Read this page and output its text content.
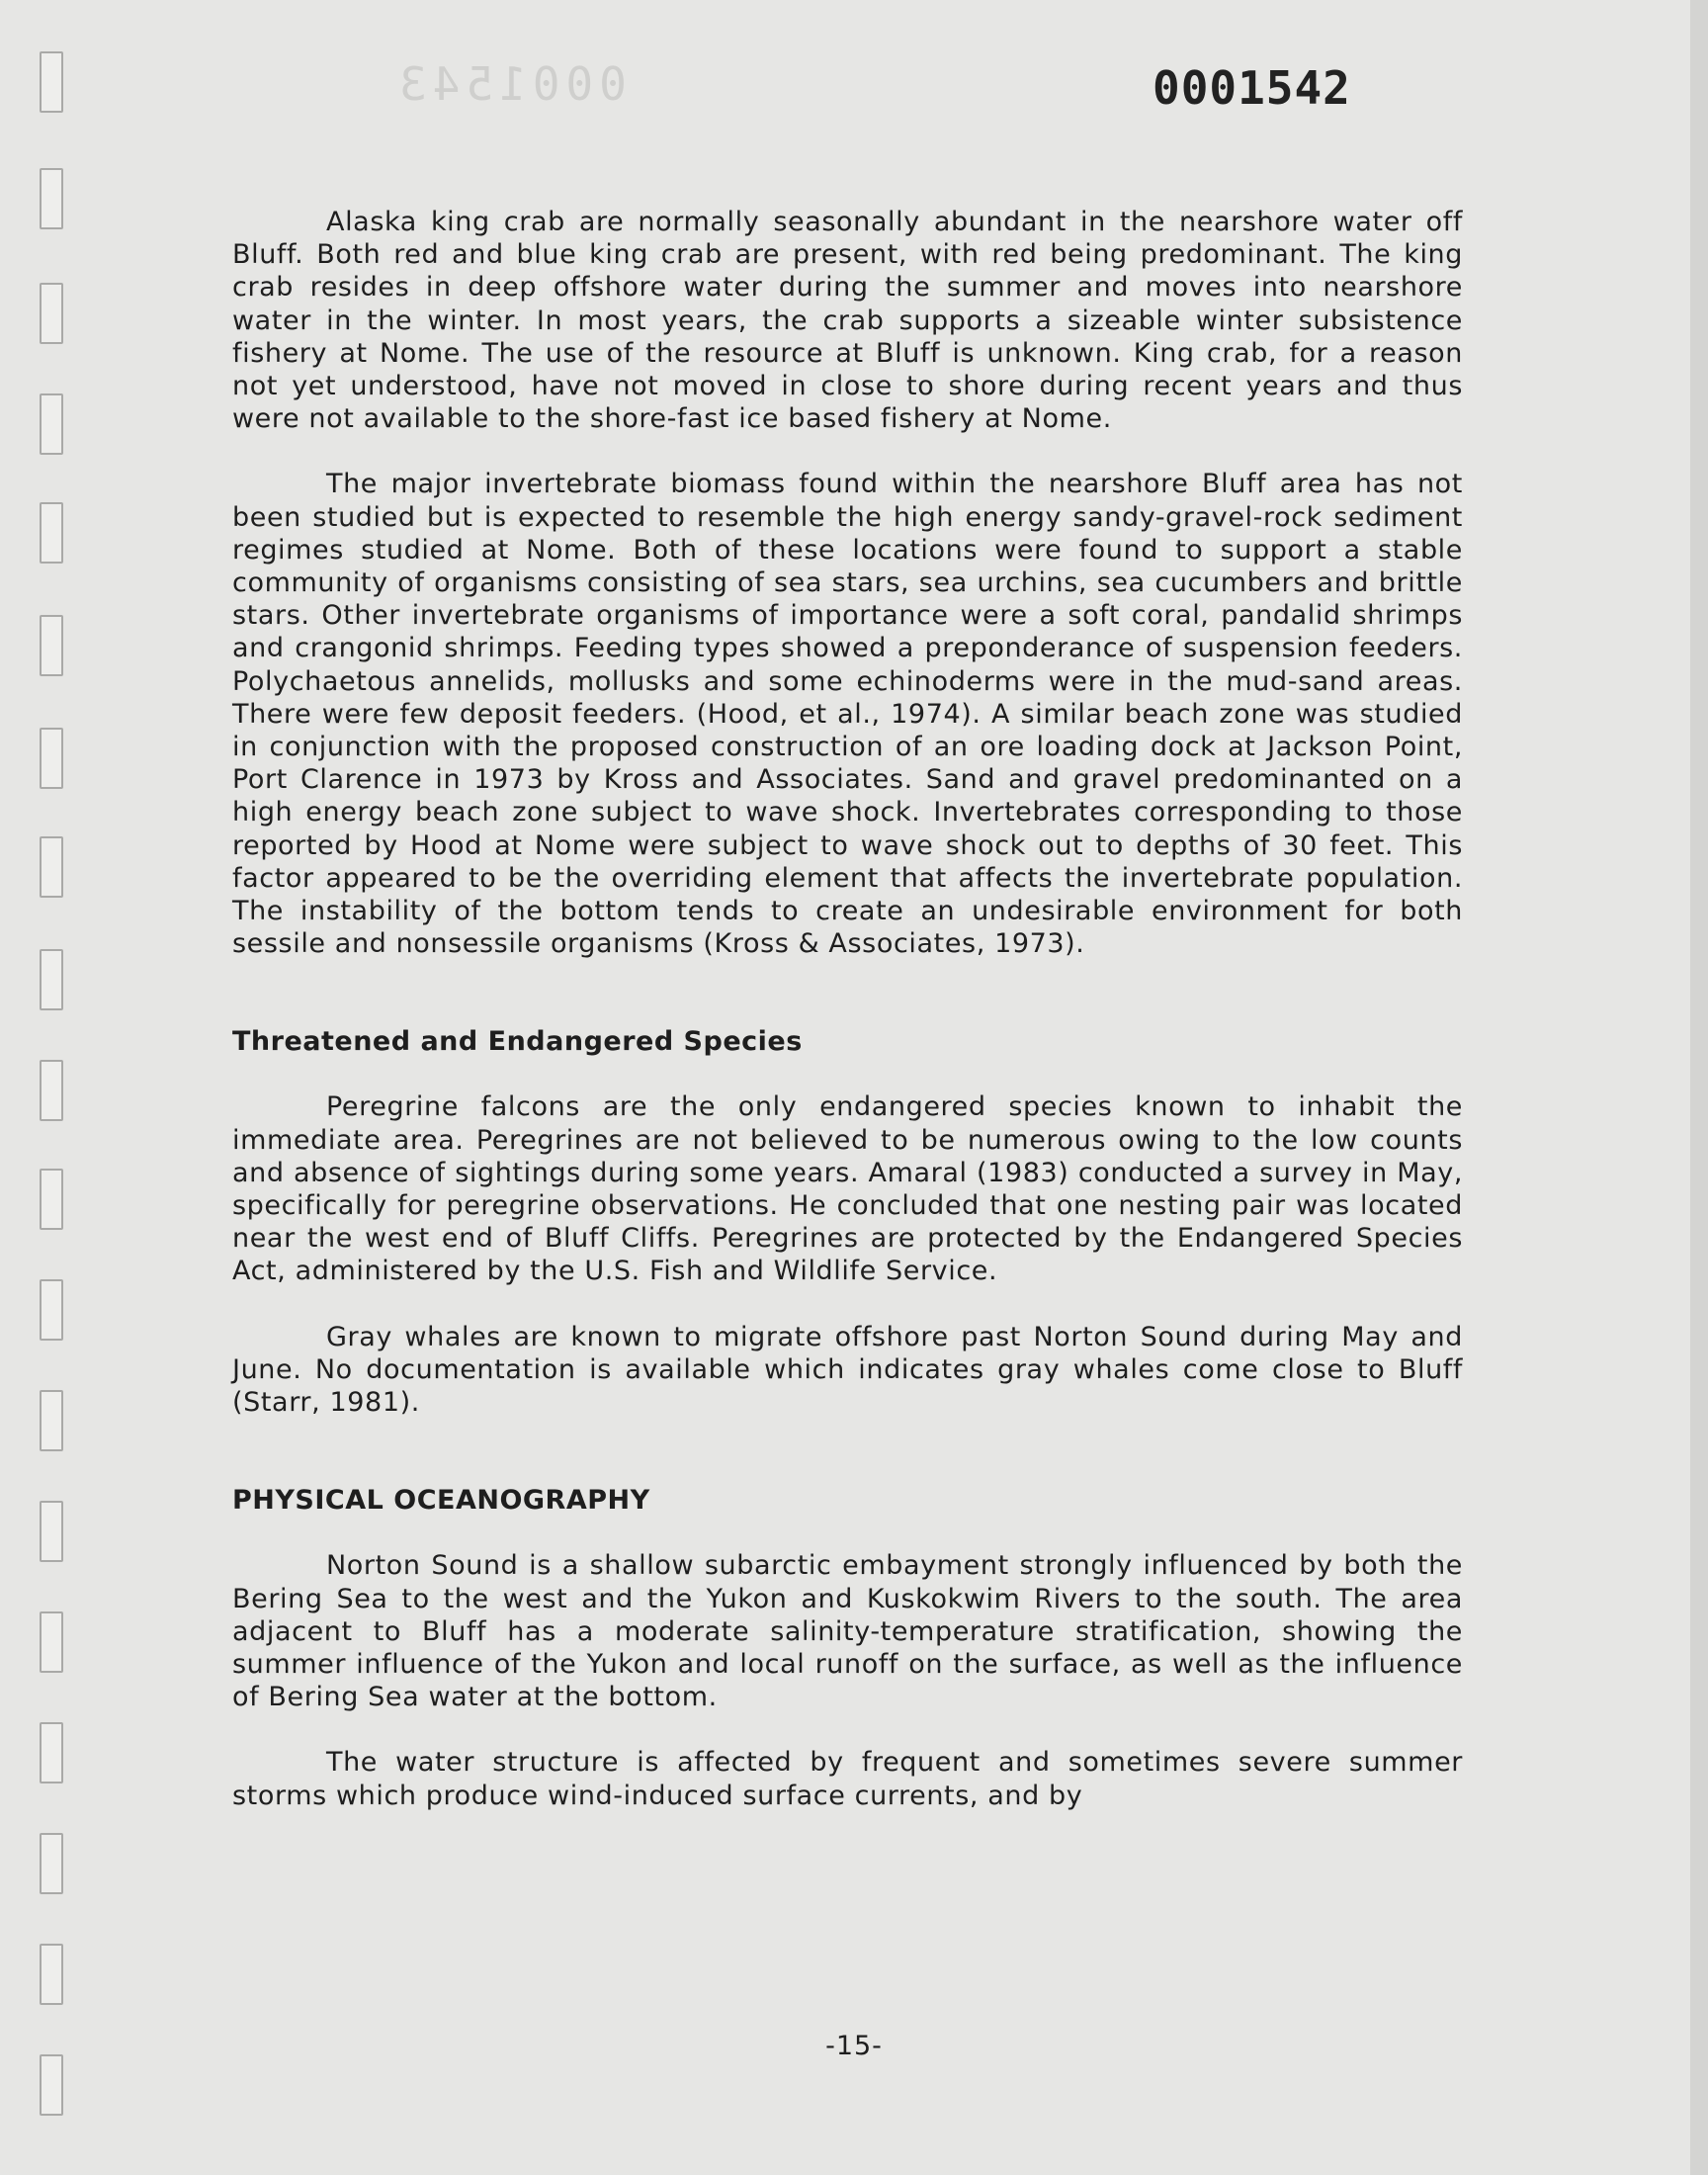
0001543	0001542

Alaska king crab are normally seasonally abundant in the nearshore water off Bluff. Both red and blue king crab are present, with red being predominant. The king crab resides in deep offshore water during the summer and moves into nearshore water in the winter. In most years, the crab supports a sizeable winter subsistence fishery at Nome. The use of the resource at Bluff is unknown. King crab, for a reason not yet understood, have not moved in close to shore during recent years and thus were not available to the shore-fast ice based fishery at Nome.

The major invertebrate biomass found within the nearshore Bluff area has not been studied but is expected to resemble the high energy sandy-gravel-rock sediment regimes studied at Nome. Both of these locations were found to support a stable community of organisms consisting of sea stars, sea urchins, sea cucumbers and brittle stars. Other invertebrate organisms of importance were a soft coral, pandalid shrimps and crangonid shrimps. Feeding types showed a preponderance of suspension feeders. Polychaetous annelids, mollusks and some echinoderms were in the mud-sand areas. There were few deposit feeders. (Hood, et al., 1974). A similar beach zone was studied in conjunction with the proposed construction of an ore loading dock at Jackson Point, Port Clarence in 1973 by Kross and Associates. Sand and gravel predominanted on a high energy beach zone subject to wave shock. Invertebrates corresponding to those reported by Hood at Nome were subject to wave shock out to depths of 30 feet. This factor appeared to be the overriding element that affects the invertebrate population. The instability of the bottom tends to create an undesirable environment for both sessile and nonsessile organisms (Kross & Associates, 1973).

Threatened and Endangered Species

Peregrine falcons are the only endangered species known to inhabit the immediate area. Peregrines are not believed to be numerous owing to the low counts and absence of sightings during some years. Amaral (1983) conducted a survey in May, specifically for peregrine observations. He concluded that one nesting pair was located near the west end of Bluff Cliffs. Peregrines are protected by the Endangered Species Act, administered by the U.S. Fish and Wildlife Service.

Gray whales are known to migrate offshore past Norton Sound during May and June. No documentation is available which indicates gray whales come close to Bluff (Starr, 1981).

PHYSICAL OCEANOGRAPHY

Norton Sound is a shallow subarctic embayment strongly influenced by both the Bering Sea to the west and the Yukon and Kuskokwim Rivers to the south. The area adjacent to Bluff has a moderate salinity-temperature stratification, showing the summer influence of the Yukon and local runoff on the surface, as well as the influence of Bering Sea water at the bottom.

The water structure is affected by frequent and sometimes severe summer storms which produce wind-induced surface currents, and by

-15-
